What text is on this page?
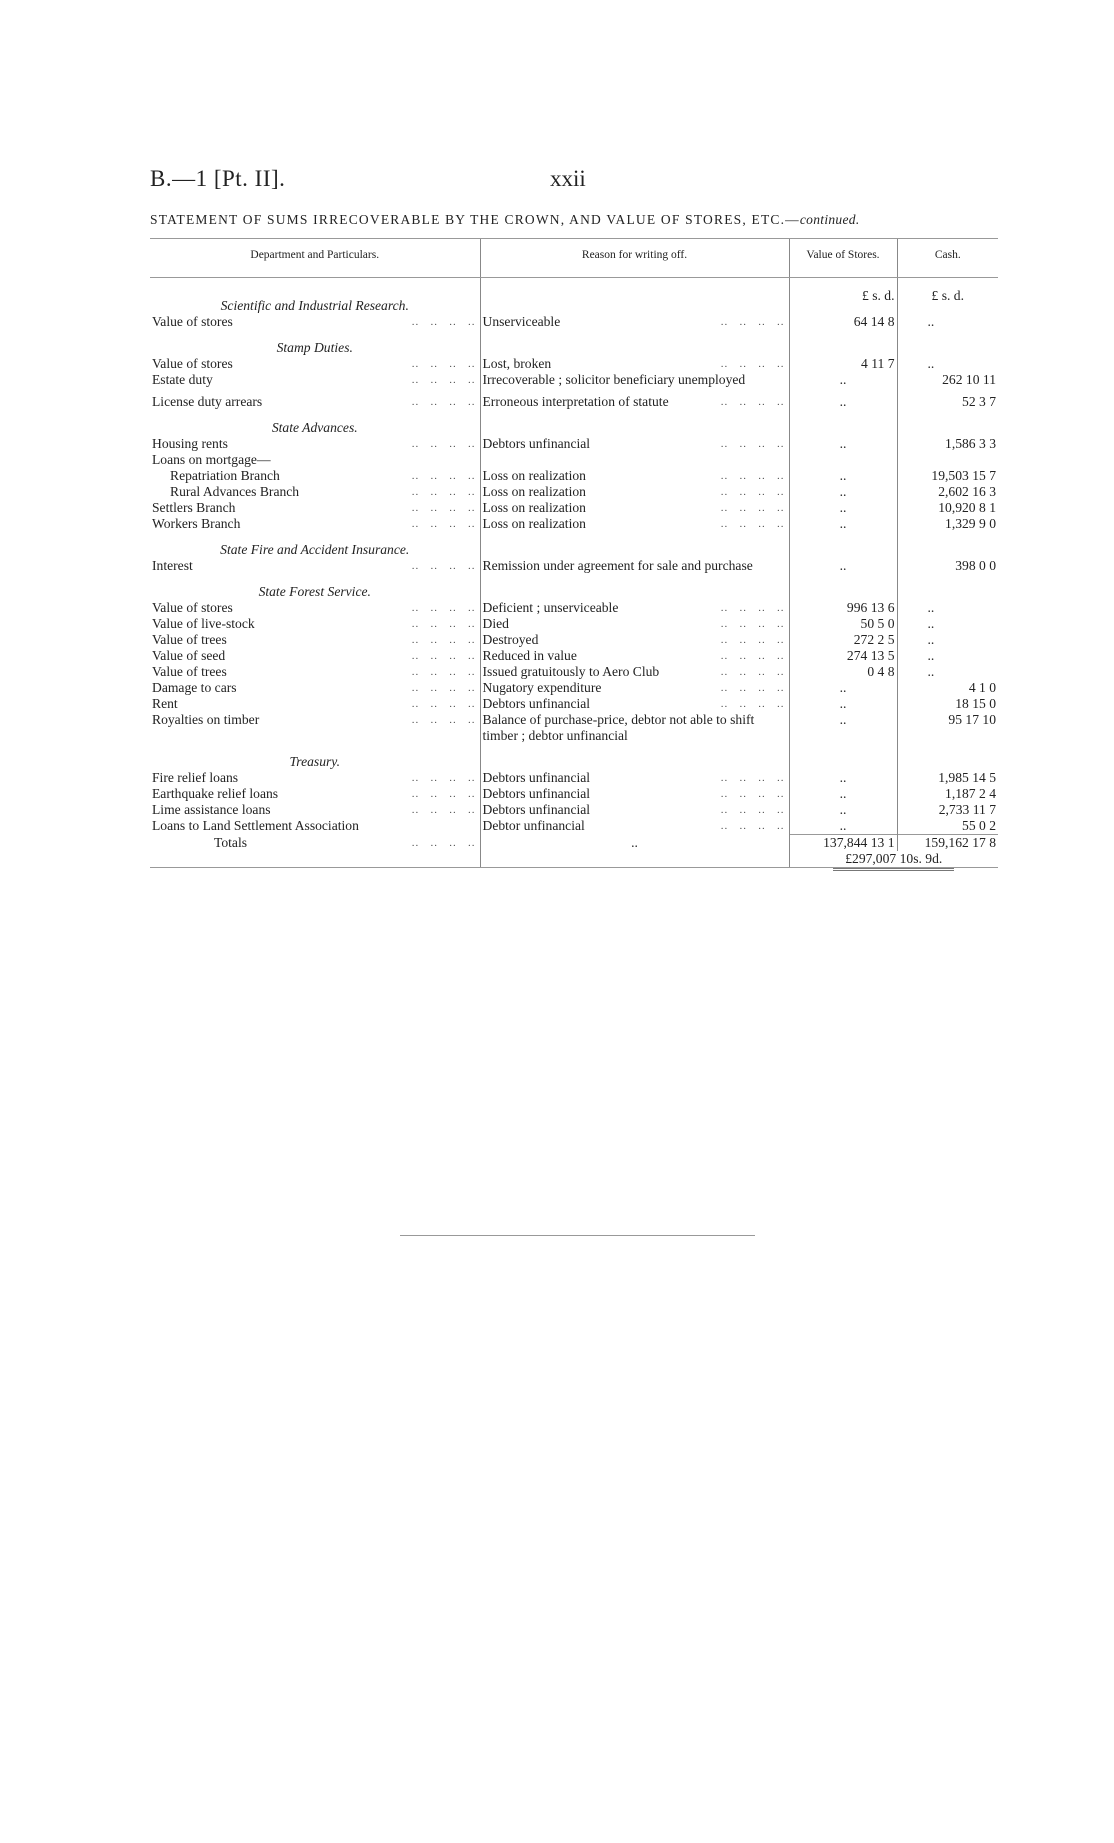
B.—1 [Pt. II].	xxii
STATEMENT OF SUMS IRRECOVERABLE BY THE CROWN, AND VALUE OF STORES, ETC.—continued.
Department and Particulars.	Reason for writing off.	Value of Stores.	Cash.

Scientific and Industrial Research.		£ s. d.	£ s. d.

Value of stores ..	Unserviceable ..	64 14 8	..
Stamp Duties.			

Value of stores ..	Lost, broken ..	4 11 7	..

Estate duty ..	Irrecoverable ; solicitor beneficiary unemployed	..	262 10 11

License duty arrears ..	Erroneous interpretation of statute ..	..	52 3 7
State Advances.			

Housing rents ..	Debtors unfinancial ..	..	1,586 3 3
Loans on mortgage—			

Repatriation Branch ..	Loss on realization ..	..	19,503 15 7

Rural Advances Branch ..	Loss on realization ..	..	2,602 16 3

Settlers Branch ..	Loss on realization ..	..	10,920 8 1

Workers Branch ..	Loss on realization ..	..	1,329 9 0
State Fire and Accident Insurance.			

Interest ..	Remission under agreement for sale and purchase	..	398 0 0
State Forest Service.			

Value of stores ..	Deficient ; unserviceable ..	996 13 6	..

Value of live-stock ..	Died ..	50 5 0	..

Value of trees ..	Destroyed ..	272 2 5	..

Value of seed ..	Reduced in value ..	274 13 5	..

Value of trees ..	Issued gratuitously to Aero Club ..	0 4 8	..

Damage to cars ..	Nugatory expenditure ..	..	4 1 0

Rent ..	Debtors unfinancial ..	..	18 15 0

Royalties on timber ..	Balance of purchase-price, debtor not able to shift timber ; debtor unfinancial	..	95 17 10
Treasury.			

Fire relief loans ..	Debtors unfinancial ..	..	1,985 14 5

Earthquake relief loans ..	Debtors unfinancial ..	..	1,187 2 4

Lime assistance loans ..	Debtors unfinancial ..	..	2,733 11 7
Loans to Land Settlement Association	Debtor unfinancial ..	..	55 0 2

Totals ..	..	137,844 13 1	159,162 17 8
		£297,007 10s. 9d.	
